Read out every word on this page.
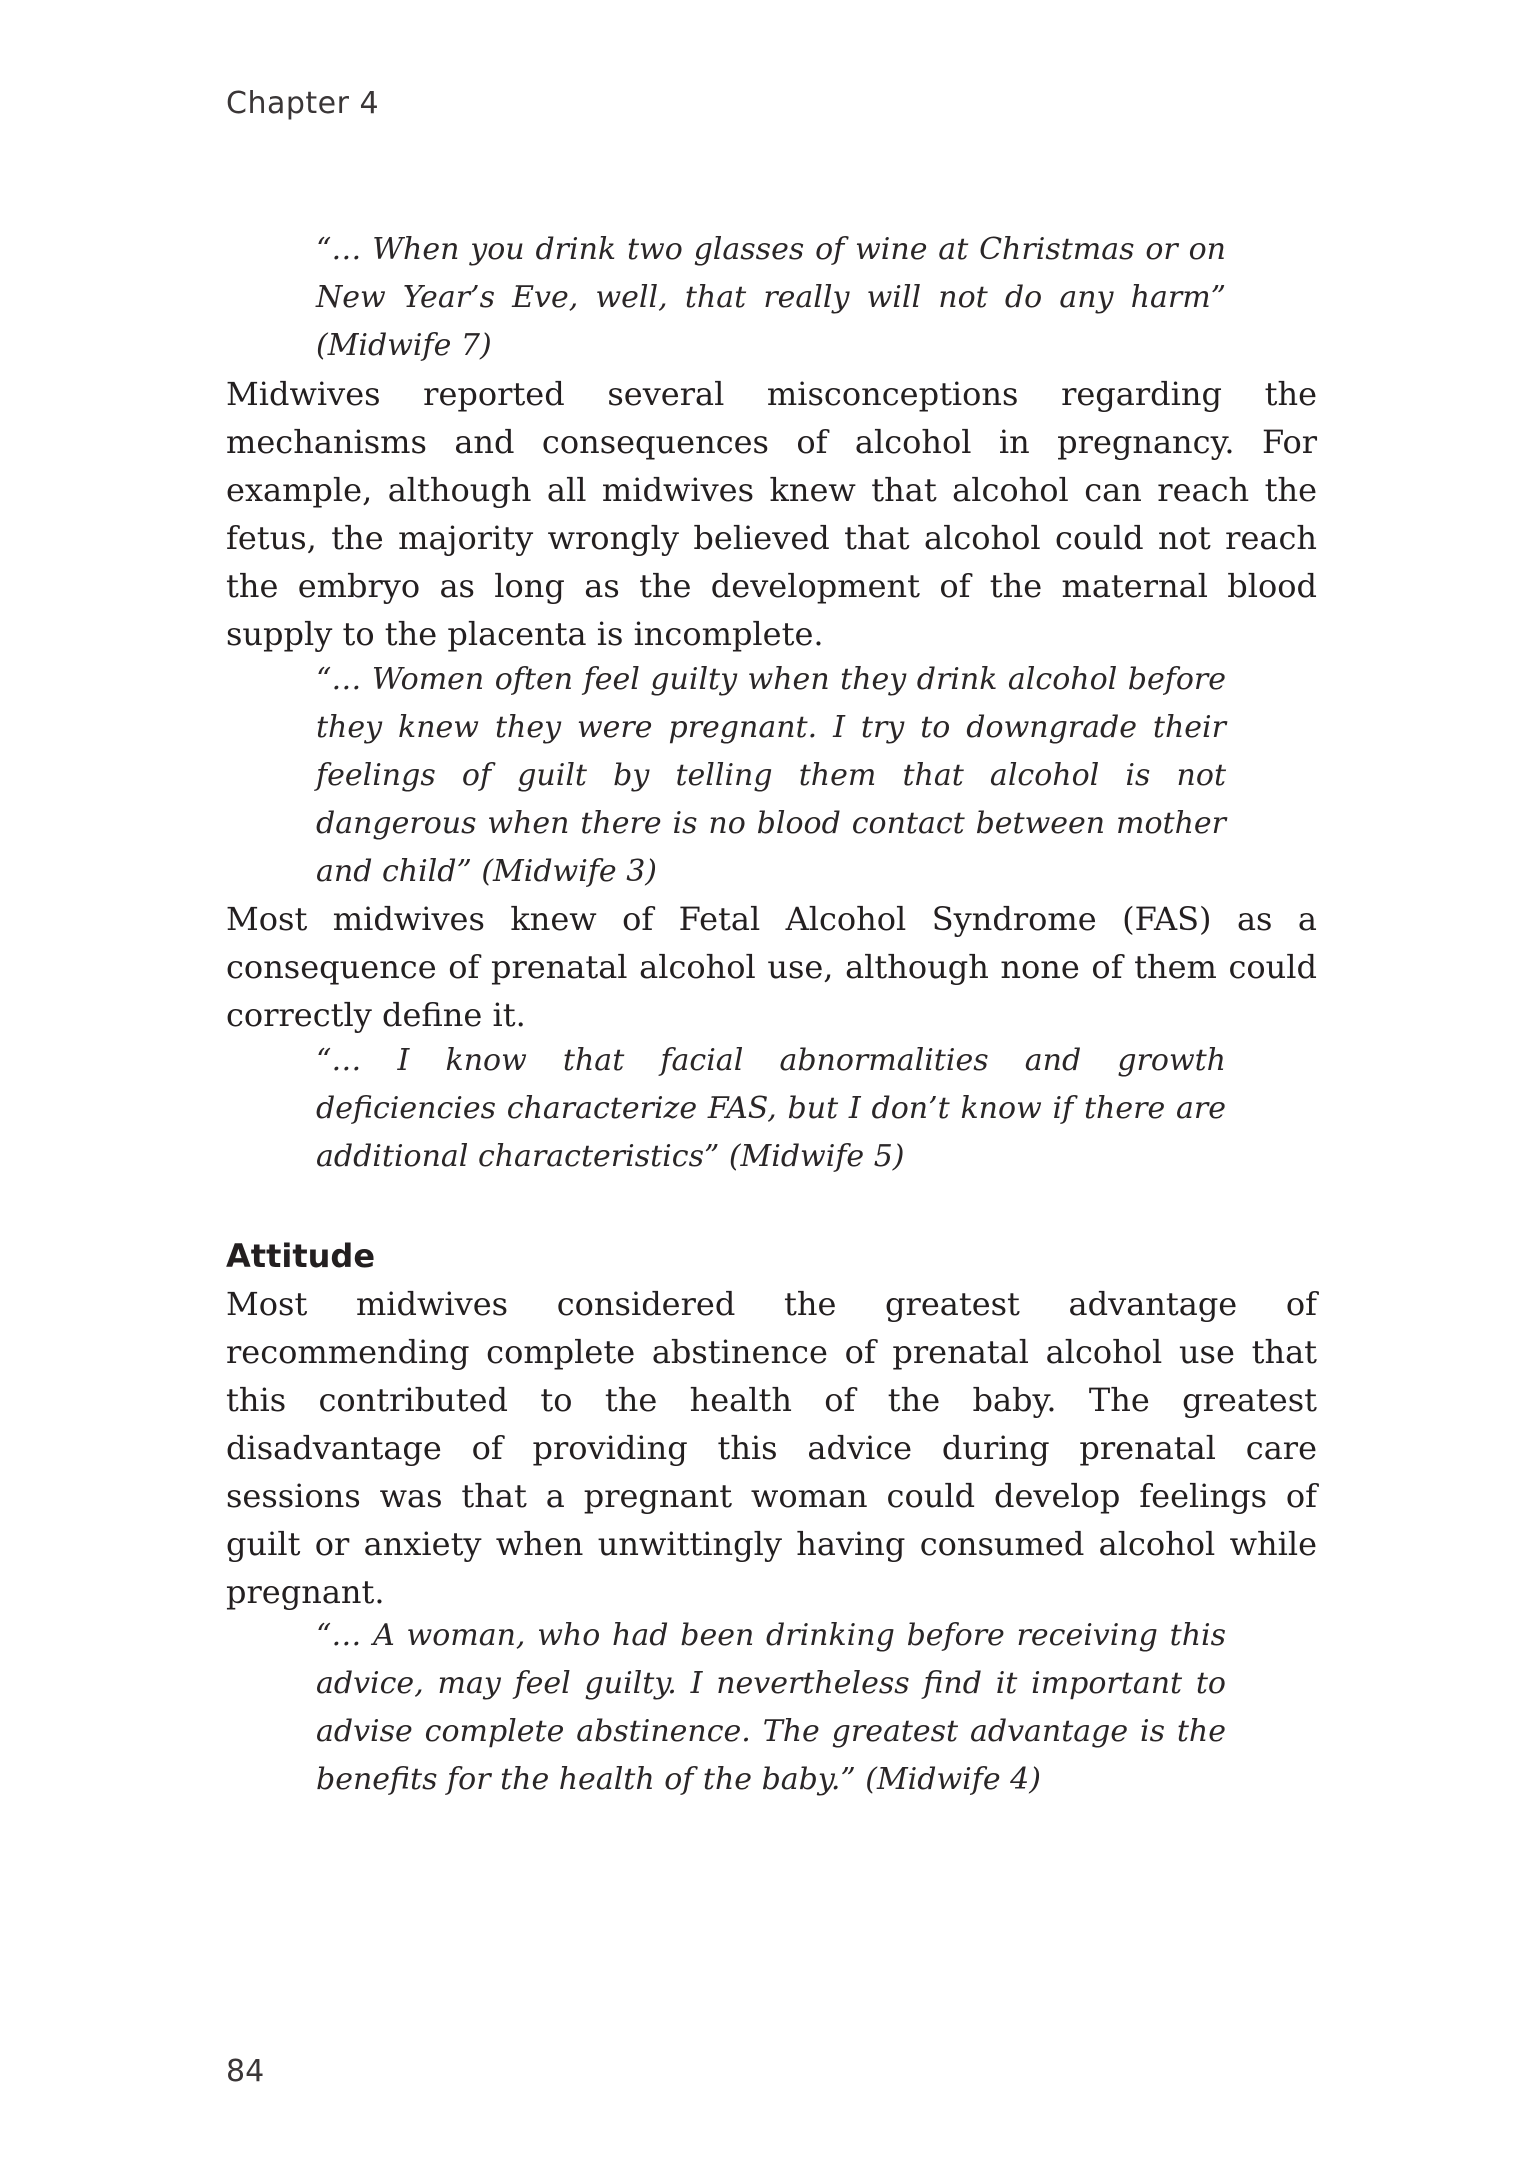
Chapter 4

“… When you drink two glasses of wine at Christmas or on New Year’s Eve, well, that really will not do any harm” (Midwife 7)

Midwives reported several misconceptions regarding the mechanisms and consequences of alcohol in pregnancy. For example, although all midwives knew that alcohol can reach the fetus, the majority wrongly believed that alcohol could not reach the embryo as long as the development of the maternal blood supply to the placenta is incomplete.

“… Women often feel guilty when they drink alcohol before they knew they were pregnant. I try to downgrade their feelings of guilt by telling them that alcohol is not dangerous when there is no blood contact between mother and child” (Midwife 3)

Most midwives knew of Fetal Alcohol Syndrome (FAS) as a consequence of prenatal alcohol use, although none of them could correctly define it.

“… I know that facial abnormalities and growth deficiencies characterize FAS, but I don’t know if there are additional characteristics” (Midwife 5)

Attitude

Most midwives considered the greatest advantage of recommending complete abstinence of prenatal alcohol use that this contributed to the health of the baby. The greatest disadvantage of providing this advice during prenatal care sessions was that a pregnant woman could develop feelings of guilt or anxiety when unwittingly having consumed alcohol while pregnant.

“… A woman, who had been drinking before receiving this advice, may feel guilty. I nevertheless find it important to advise complete abstinence. The greatest advantage is the benefits for the health of the baby.” (Midwife 4)

84
